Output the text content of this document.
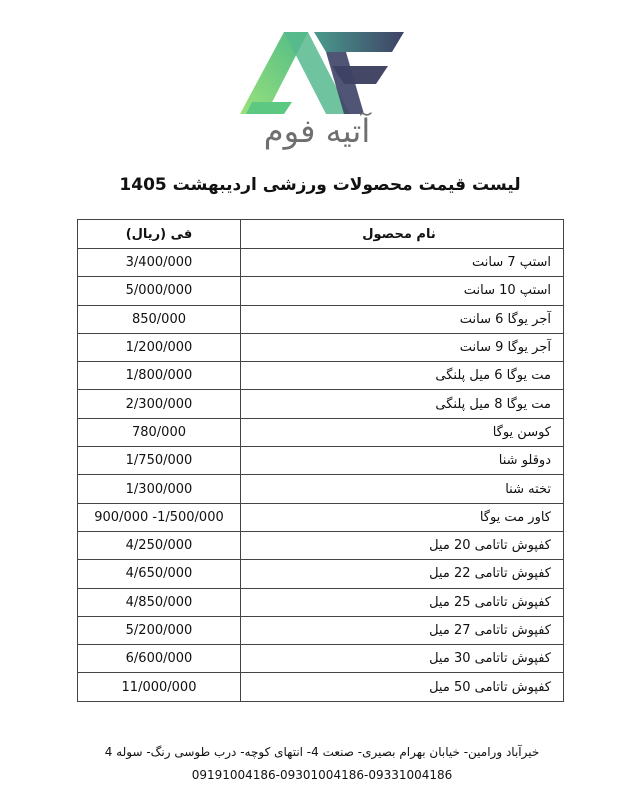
آتیه فوم
لیست قیمت محصولات ورزشی اردیبهشت 1405
فی (ریال)	نام محصول
3/400/000	استپ 7 سانت
5/000/000	استپ 10 سانت
850/000	آجر یوگا 6 سانت
1/200/000	آجر یوگا 9 سانت
1/800/000	مت یوگا 6 میل پلنگی
2/300/000	مت یوگا 8 میل پلنگی
780/000	کوسن یوگا
1/750/000	دوقلو شنا
1/300/000	تخته شنا
900/000 -1/500/000	کاور مت یوگا
4/250/000	کفپوش تاتامی 20 میل
4/650/000	کفپوش تاتامی 22 میل
4/850/000	کفپوش تاتامی 25 میل
5/200/000	کفپوش تاتامی 27 میل
6/600/000	کفپوش تاتامی 30 میل
11/000/000	کفپوش تاتامی 50 میل
خیرآباد ورامین- خیابان بهرام بصیری- صنعت 4- انتهای کوچه- درب طوسی رنگ- سوله 4
09191004186-09301004186-09331004186
